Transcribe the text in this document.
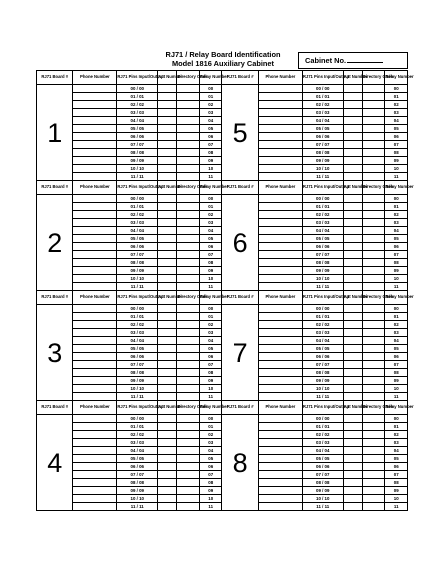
RJ71 / Relay Board Identification
Model 1816 Auxiliary Cabinet	Cabinet No.
RJ71 Board #	Phone Number	RJ71 Pins Input/Output	Apt Number	Directory Code	Relay Number	RJ71 Board #	Phone Number	RJ71 Pins Input/Output	Apt Number	Directory Code	Relay Number
1		00 / 00			00	5		00 / 00			00
		01 / 01			01			01 / 01			01
		02 / 02			02			02 / 02			02
		03 / 03			03			03 / 03			03
		04 / 04			04			04 / 04			04
		05 / 05			05			05 / 05			05
		06 / 06			06			06 / 06			06
		07 / 07			07			07 / 07			07
		08 / 08			08			08 / 08			08
		09 / 09			09			09 / 09			09
		10 / 10			10			10 / 10			10
		11 / 11			11			11 / 11			11
RJ71 Board #	Phone Number	RJ71 Pins Input/Output	Apt Number	Directory Code	Relay Number	RJ71 Board #	Phone Number	RJ71 Pins Input/Output	Apt Number	Directory Code	Relay Number
2		00 / 00			00	6		00 / 00			00
		01 / 01			01			01 / 01			01
		02 / 02			02			02 / 02			02
		03 / 03			03			03 / 03			03
		04 / 04			04			04 / 04			04
		05 / 05			05			05 / 05			05
		06 / 06			06			06 / 06			06
		07 / 07			07			07 / 07			07
		08 / 08			08			08 / 08			08
		09 / 09			09			09 / 09			09
		10 / 10			10			10 / 10			10
		11 / 11			11			11 / 11			11
RJ71 Board #	Phone Number	RJ71 Pins Input/Output	Apt Number	Directory Code	Relay Number	RJ71 Board #	Phone Number	RJ71 Pins Input/Output	Apt Number	Directory Code	Relay Number
3		00 / 00			00	7		00 / 00			00
		01 / 01			01			01 / 01			01
		02 / 02			02			02 / 02			02
		03 / 03			03			03 / 03			03
		04 / 04			04			04 / 04			04
		05 / 05			05			05 / 05			05
		06 / 06			06			06 / 06			06
		07 / 07			07			07 / 07			07
		08 / 08			08			08 / 08			08
		09 / 09			09			09 / 09			09
		10 / 10			10			10 / 10			10
		11 / 11			11			11 / 11			11
RJ71 Board #	Phone Number	RJ71 Pins Input/Output	Apt Number	Directory Code	Relay Number	RJ71 Board #	Phone Number	RJ71 Pins Input/Output	Apt Number	Directory Code	Relay Number
4		00 / 00			00	8		00 / 00			00
		01 / 01			01			01 / 01			01
		02 / 02			02			02 / 02			02
		03 / 03			03			03 / 03			03
		04 / 04			04			04 / 04			04
		05 / 05			05			05 / 05			05
		06 / 06			06			06 / 06			06
		07 / 07			07			07 / 07			07
		08 / 08			08			08 / 08			08
		09 / 09			09			09 / 09			09
		10 / 10			10			10 / 10			10
		11 / 11			11			11 / 11			11
